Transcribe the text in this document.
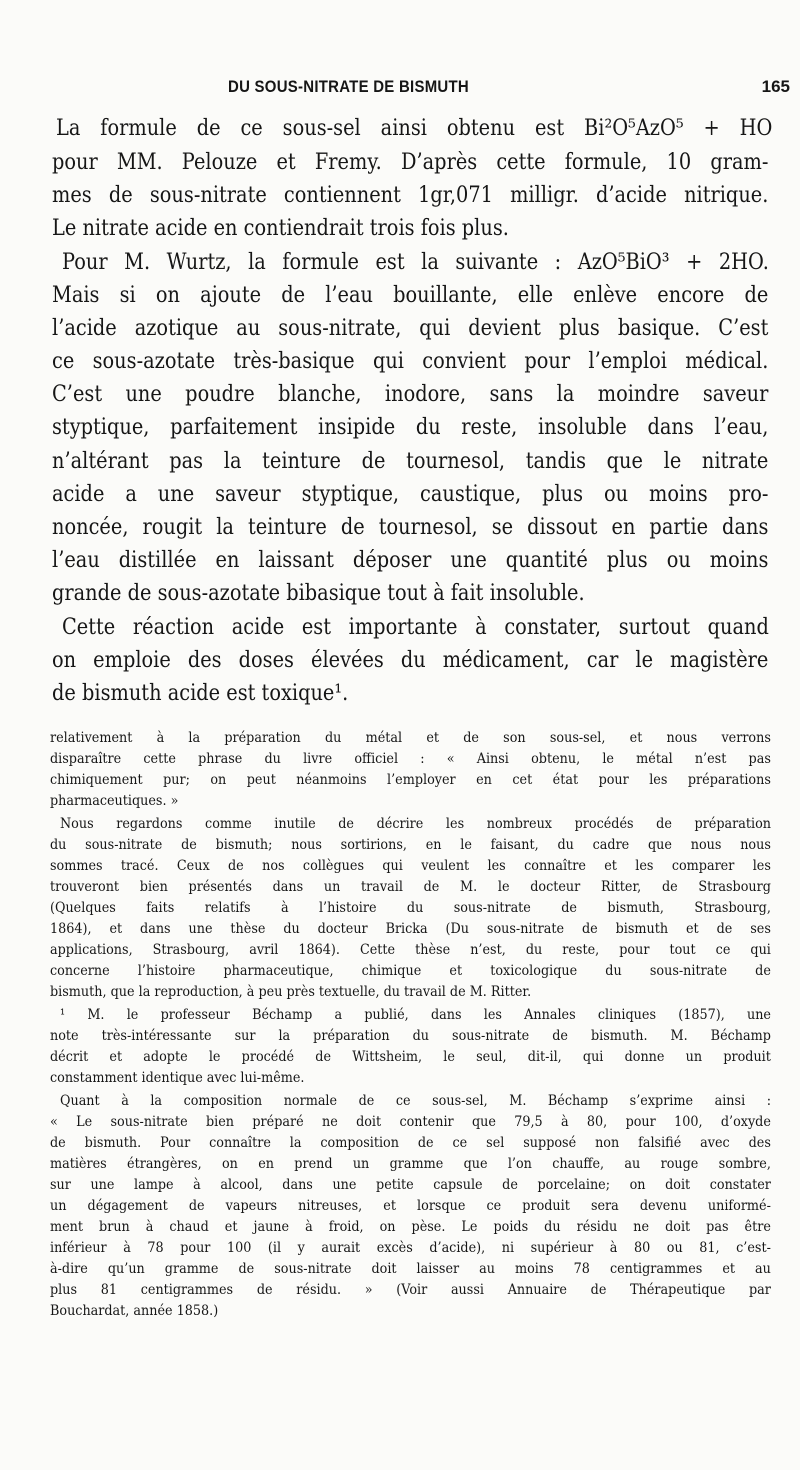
DU SOUS-NITRATE DE BISMUTH	165
La formule de ce sous-sel ainsi obtenu est Bi²O⁵AzO⁵ + HO
pour MM. Pelouze et Fremy. D’après cette formule, 10 gram-
mes de sous-nitrate contiennent 1gr,071 milligr. d’acide nitrique.
Le nitrate acide en contiendrait trois fois plus.
Pour M. Wurtz, la formule est la suivante : AzO⁵BiO³ + 2HO.
Mais si on ajoute de l’eau bouillante, elle enlève encore de
l’acide azotique au sous-nitrate, qui devient plus basique. C’est
ce sous-azotate très-basique qui convient pour l’emploi médical.
C’est une poudre blanche, inodore, sans la moindre saveur
styptique, parfaitement insipide du reste, insoluble dans l’eau,
n’altérant pas la teinture de tournesol, tandis que le nitrate
acide a une saveur styptique, caustique, plus ou moins pro-
noncée, rougit la teinture de tournesol, se dissout en partie dans
l’eau distillée en laissant déposer une quantité plus ou moins
grande de sous-azotate bibasique tout à fait insoluble.
Cette réaction acide est importante à constater, surtout quand
on emploie des doses élevées du médicament, car le magistère
de bismuth acide est toxique¹.
relativement à la préparation du métal et de son sous-sel, et nous verrons
disparaître cette phrase du livre officiel : « Ainsi obtenu, le métal n’est pas
chimiquement pur; on peut néanmoins l’employer en cet état pour les préparations
pharmaceutiques. »
Nous regardons comme inutile de décrire les nombreux procédés de préparation
du sous-nitrate de bismuth; nous sortirions, en le faisant, du cadre que nous nous
sommes tracé. Ceux de nos collègues qui veulent les connaître et les comparer les
trouveront bien présentés dans un travail de M. le docteur Ritter, de Strasbourg
(Quelques faits relatifs à l’histoire du sous-nitrate de bismuth, Strasbourg,
1864), et dans une thèse du docteur Bricka (Du sous-nitrate de bismuth et de ses
applications, Strasbourg, avril 1864). Cette thèse n’est, du reste, pour tout ce qui
concerne l’histoire pharmaceutique, chimique et toxicologique du sous-nitrate de
bismuth, que la reproduction, à peu près textuelle, du travail de M. Ritter.
¹ M. le professeur Béchamp a publié, dans les Annales cliniques (1857), une
note très-intéressante sur la préparation du sous-nitrate de bismuth. M. Béchamp
décrit et adopte le procédé de Wittsheim, le seul, dit-il, qui donne un produit
constamment identique avec lui-même.
Quant à la composition normale de ce sous-sel, M. Béchamp s’exprime ainsi :
« Le sous-nitrate bien préparé ne doit contenir que 79,5 à 80, pour 100, d’oxyde
de bismuth. Pour connaître la composition de ce sel supposé non falsifié avec des
matières étrangères, on en prend un gramme que l’on chauffe, au rouge sombre,
sur une lampe à alcool, dans une petite capsule de porcelaine; on doit constater
un dégagement de vapeurs nitreuses, et lorsque ce produit sera devenu uniformé-
ment brun à chaud et jaune à froid, on pèse. Le poids du résidu ne doit pas être
inférieur à 78 pour 100 (il y aurait excès d’acide), ni supérieur à 80 ou 81, c’est-
à-dire qu’un gramme de sous-nitrate doit laisser au moins 78 centigrammes et au
plus 81 centigrammes de résidu. » (Voir aussi Annuaire de Thérapeutique par
Bouchardat, année 1858.)
